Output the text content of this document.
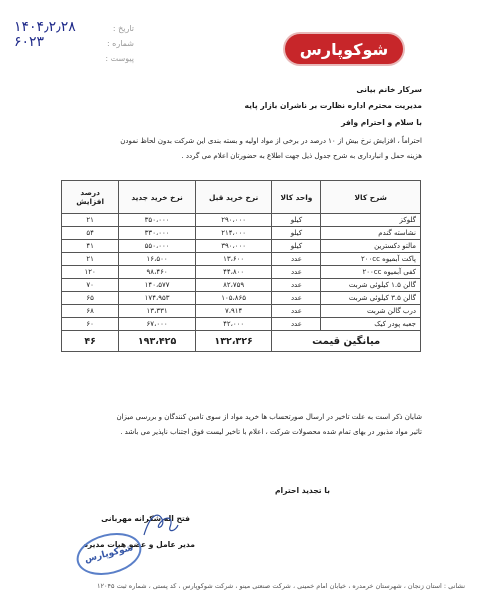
تاریخ :
۱۴۰۴٫۲٫۲۸
شماره :
۶۰۲۳
پیوست :	شوکوپارس
سرکار خانم بیانی
مدیریت محترم اداره نظارت بر ناشران بازار پایه
با سلام و احترام وافر
احتراماً ، افزایش نرخ بیش از ۱۰ درصد در برخی از مواد اولیه و بسته بندی این شرکت بدون لحاظ نمودن
هزینه حمل و انبارداری به شرح جدول ذیل جهت اطلاع به حضورتان اعلام می گردد .
شرح کالا	واحد کالا	نرخ خرید قبل	نرخ خرید جدید	درصد افزایش
گلوکز	کیلو	۲۹۰،۰۰۰	۳۵۰،۰۰۰	۲۱
نشاسته گندم	کیلو	۲۱۴،۰۰۰	۳۳۰،۰۰۰	۵۴
مالتو دکسترین	کیلو	۳۹۰،۰۰۰	۵۵۰،۰۰۰	۴۱
پاکت آبمیوه ۲۰۰cc	عدد	۱۳،۶۰۰	۱۶،۵۰۰	۲۱
کفی آبمیوه ۲۰۰cc	عدد	۴۴،۸۰۰	۹۸،۴۶۰	۱۲۰
گالن ۱.۵ کیلوئی شربت	عدد	۸۲،۷۵۹	۱۴۰،۵۷۷	۷۰
گالن ۳.۵ کیلوئی شربت	عدد	۱۰۵،۸۶۵	۱۷۴،۹۵۳	۶۵
درب گالن شربت	عدد	۷،۹۱۴	۱۳،۳۳۱	۶۸
جعبه پودر کیک	عدد	۴۲،۰۰۰	۶۷،۰۰۰	۶۰
میانگین قیمت		۱۳۲،۳۲۶	۱۹۳،۴۲۵	۴۶
شایان ذکر است به علت تاخیر در ارسال صورتحساب ها خرید مواد از سوی تامین کنندگان و بررسی میزان
تاثیر مواد مذبور در بهای تمام شده محصولات شرکت ، اعلام با تاخیر لیست فوق اجتناب ناپذیر می باشد .
با تجدید احترام
فتح اله شکرانه مهربانی
مدیر عامل و عضو هیات مدیره
شوکوپارس
نشانی : استان زنجان ، شهرستان خرمدره ، خیابان امام خمینی ، شرکت صنعتی مینو ، شرکت شوکوپارس ، کد پستی ، شماره ثبت ۱۲۰۴۵
